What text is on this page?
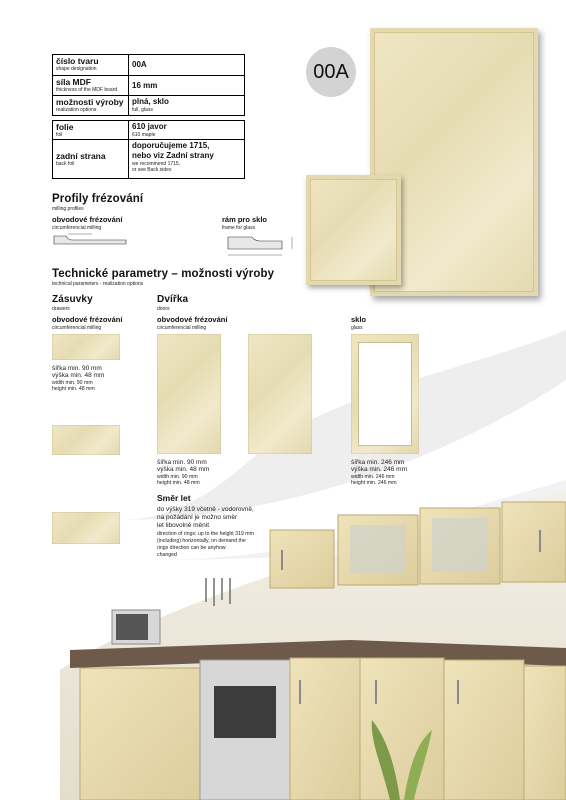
číslo tvaru
shape designation	00A
síla MDF
thickness of the MDF board
16 mm
možnosti výroby
realization options
plná, sklo
full, glass
folie
foil
610 javor
610 maple
zadní strana
back foil
doporučujeme 1715,
nebo viz Zadní strany
we recommend 1715,
or see Back sides
00A
Profily frézování
milling profiles
obvodové frézování
circumferencial milling
rám pro sklo
frame for glass
Technické parametry – možnosti výroby
technical parameters - realization options
Zásuvky
drawers
obvodové frézování
circumferencial milling
šířka min. 90 mm
výška min. 48 mm
width min. 90 mm
height min. 48 mm
Dvířka
doors
obvodové frézování
circumferencial milling
šířka min. 90 mm
výška min. 48 mm
width min. 90 mm
height min. 48 mm
sklo
glass
šířka min. 246 mm
výška min. 246 mm
width min. 246 mm
height min. 246 mm
Směr let
do výšky 319 včetně - vodorovně,
na požádání je možno směr
let libovolně měnit
direction of rings: up to the height 319 mm
(including) horizontally, on demand the
rings direction can be anyhow
changed
